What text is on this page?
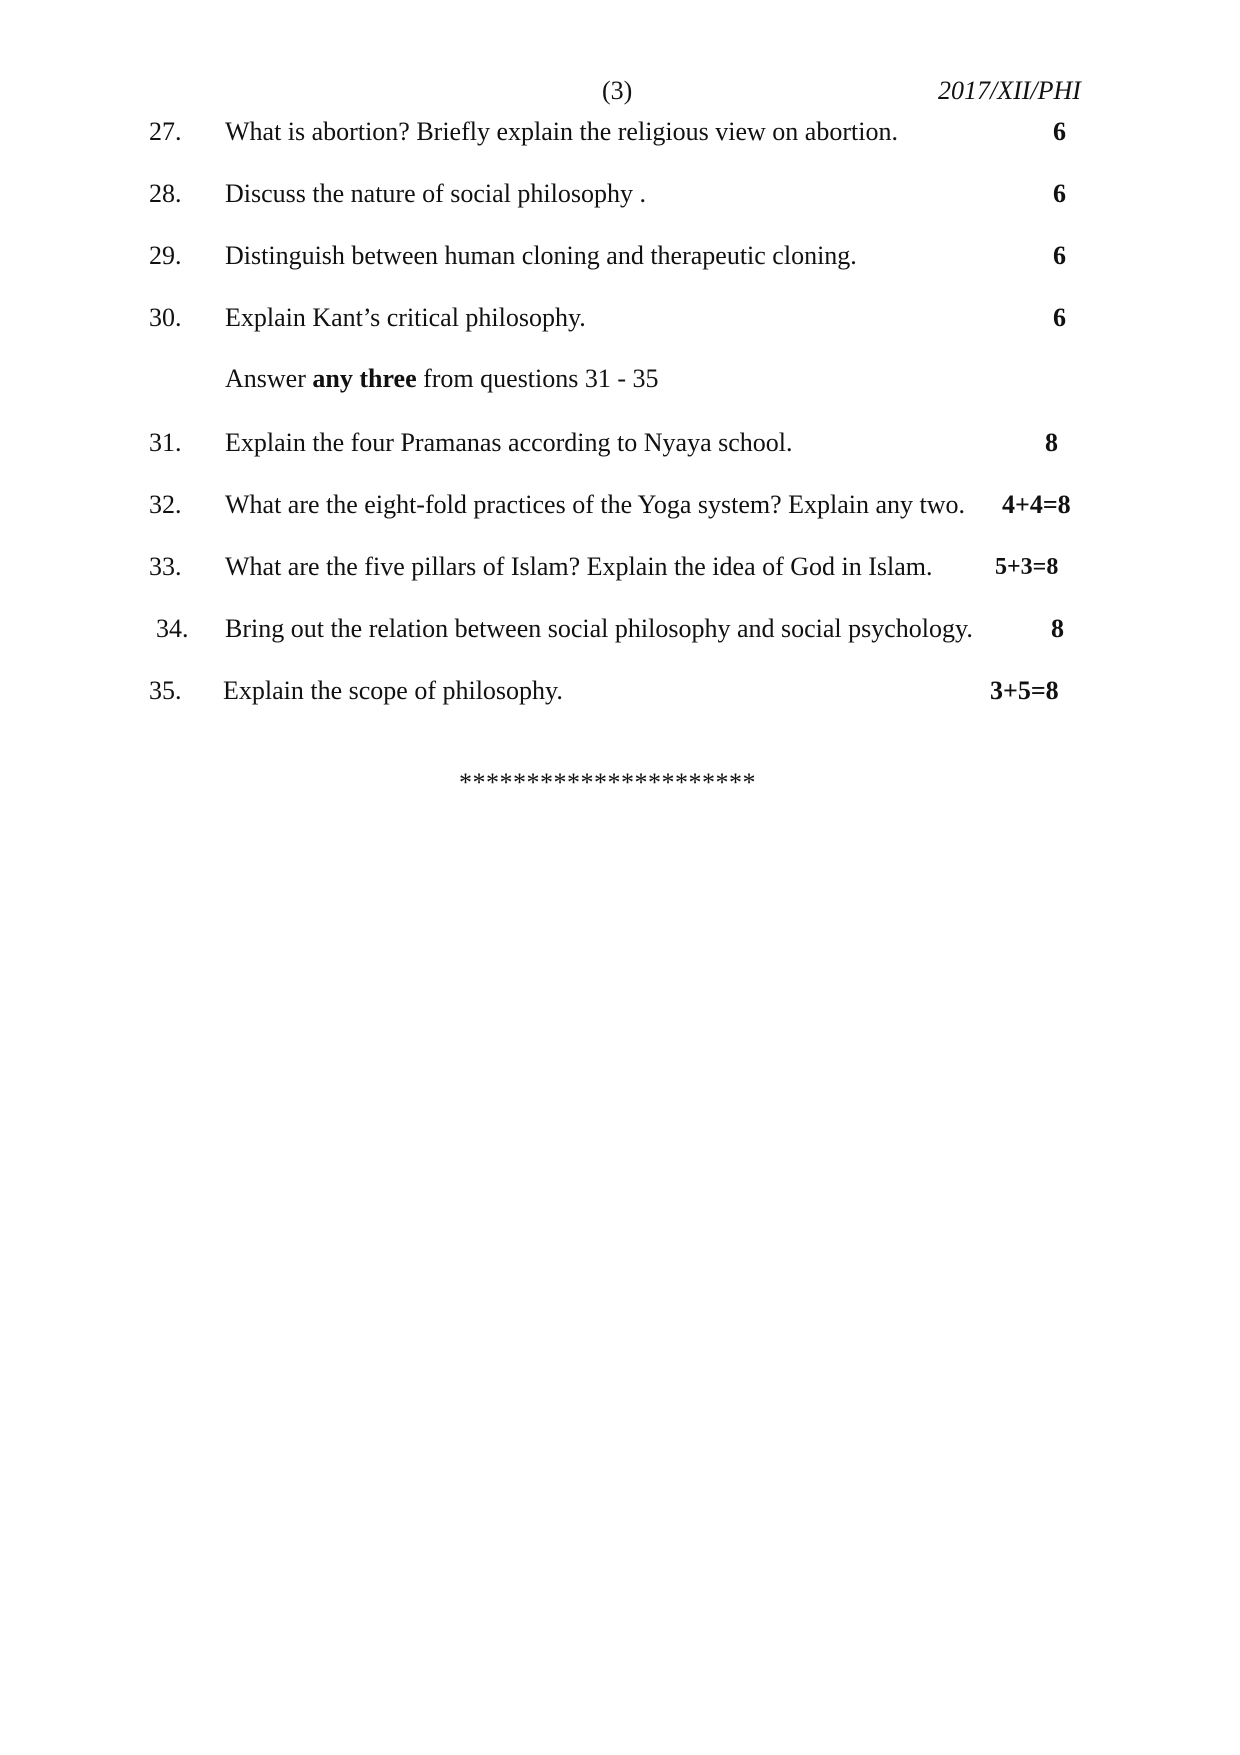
(3)	2017/XII/PHI
27. What is abortion? Briefly explain the religious view on abortion.	6
28. Discuss the nature of social philosophy .	6
29. Distinguish between human cloning and therapeutic cloning.	6
30. Explain Kant’s critical philosophy.	6
Answer any three from questions 31 - 35
31. Explain the four Pramanas according to Nyaya school.	8
32. What are the eight-fold practices of the Yoga system? Explain any two. 4+4=8
33. What are the five pillars of Islam? Explain the idea of God in Islam.	5+3=8
34. Bring out the relation between social philosophy and social psychology.	8
35. Explain the scope of philosophy.	3+5=8
**********************
